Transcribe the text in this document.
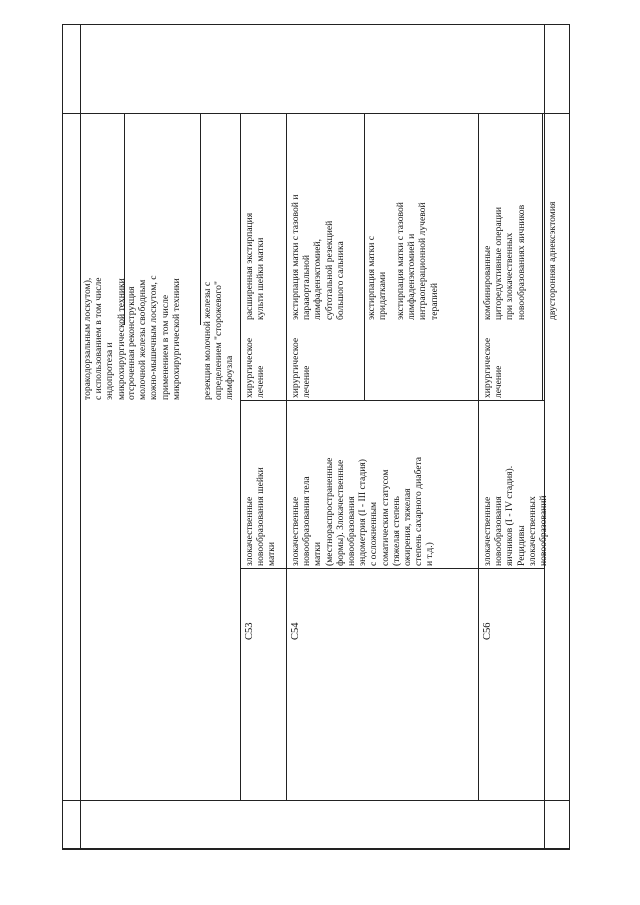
торакодорзальным лоскутом),
с использованием в том числе
эндопротеза и
микрохирургической техники
отсроченная реконструкция
молочной железы свободным
кожно-мышечным лоскутом, с
применением в том числе
микрохирургической техники
резекция молочной железы с
определением "сторожевого"
лимфоузла
C53
злокачественные
новообразования шейки
матки
хирургическое
лечение
расширенная экстирпация
культи шейки матки
C54
злокачественные
новообразования тела
матки
(местнораспространенные
формы). Злокачественные
новообразования
эндометрия (I - III стадия)
с осложненным
соматическим статусом
(тяжелая степень
ожирения, тяжелая
степень сахарного диабета
и т.д.)
хирургическое
лечение
экстирпация матки с тазовой и
парааортальной
лимфаденэктомией,
субтотальной резекцией
большого сальника
экстирпация матки с
придатками экстирпация матки с тазовой
лимфаденэктомией и
интраоперационной лучевой
терапией
C56
злокачественные
новообразования
яичников (I - IV стадия).
Рецидивы
злокачественных
новообразований
хирургическое
лечение
комбинированные
циторедуктивные операции
при злокачественных
новообразованиях яичников	двусторонняя аднексэктомия
